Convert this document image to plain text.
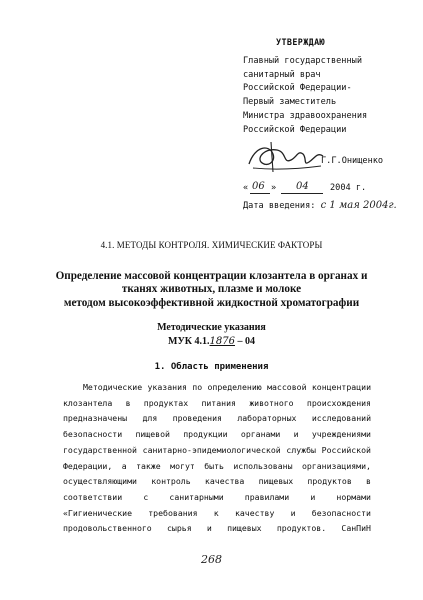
УТВЕРЖДАЮ
Главный государственный
санитарный врач
Российской Федерации-
Первый заместитель
Министра здравоохранения
Российской Федерации
Г.Г.Онищенко
« 06 » 04 2004 г.
Дата введения: с 1 мая 2004г.
4.1. МЕТОДЫ КОНТРОЛЯ. ХИМИЧЕСКИЕ ФАКТОРЫ
Определение массовой концентрации клозантела в органах и
тканях животных, плазме и молоке
методом высокоэффективной жидкостной хроматографии
Методические указания
МУК 4.1.1876 – 04
1. Область применения
Методические указания по определению массовой концентрации
клозантела в продуктах питания животного происхождения
предназначены для проведения лабораторных исследований
безопасности пищевой продукции органами и учреждениями
государственной санитарно-эпидемиологической службы Российской
Федерации, а также могут быть использованы организациями,
осуществляющими контроль качества пищевых продуктов в
соответствии	с	санитарными	правилами	и	нормами
«Гигиенические требования к качеству и безопасности
продовольственного сырья и пищевых продуктов. СанПиН
268
